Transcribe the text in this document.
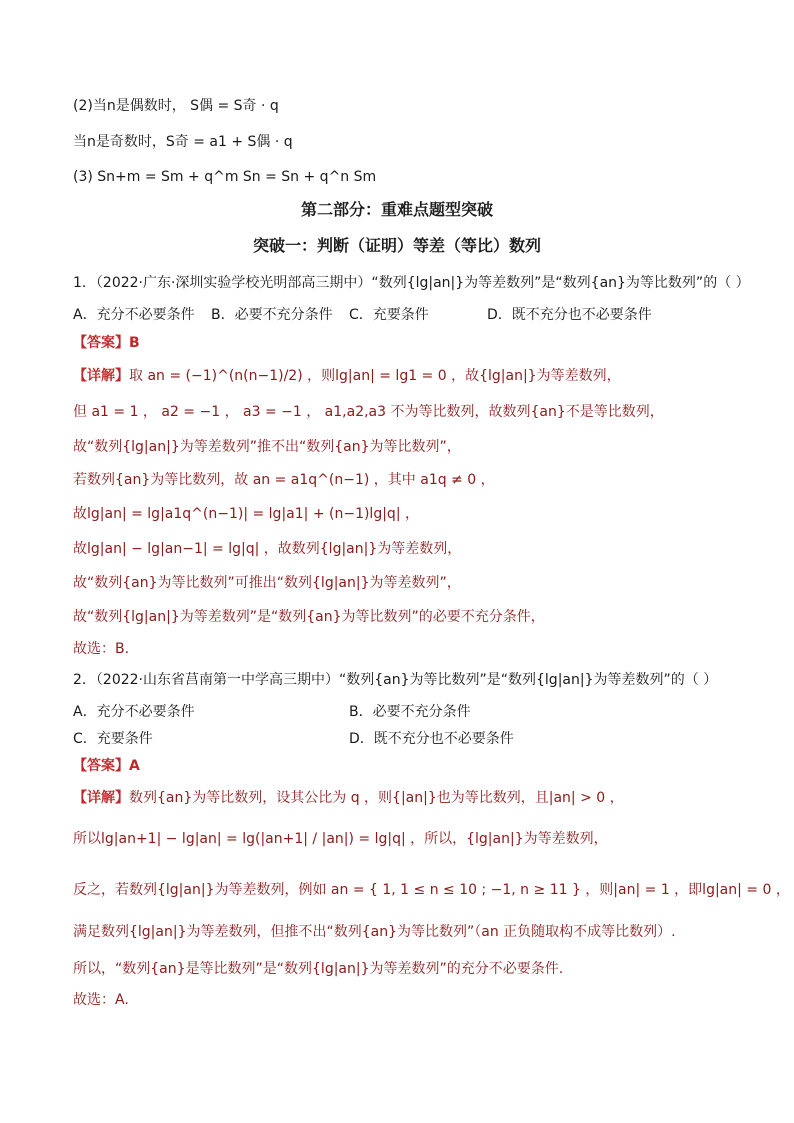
(2)当n是偶数时， S偶 = S奇 · q
当n是奇数时，S奇 = a1 + S偶 · q
(3) Sn+m = Sm + q^m Sn = Sn + q^n Sm
第二部分：重难点题型突破
突破一：判断（证明）等差（等比）数列
1．（2022·广东·深圳实验学校光明部高三期中）“数列{lg|an|}为等差数列”是“数列{an}为等比数列”的（ ）
A．充分不必要条件 B．必要不充分条件 C．充要条件	D．既不充分也不必要条件
【答案】B
【详解】取 an = (−1)^(n(n−1)/2) ，则lg|an| = lg1 = 0 ，故{lg|an|}为等差数列，
但 a1 = 1 ， a2 = −1 ， a3 = −1 ， a1,a2,a3 不为等比数列，故数列{an}不是等比数列，
故“数列{lg|an|}为等差数列”推不出“数列{an}为等比数列”，
若数列{an}为等比数列，故 an = a1q^(n−1) ，其中 a1q ≠ 0 ，
故lg|an| = lg|a1q^(n−1)| = lg|a1| + (n−1)lg|q| ，
故lg|an| − lg|an−1| = lg|q| ，故数列{lg|an|}为等差数列，
故“数列{an}为等比数列”可推出“数列{lg|an|}为等差数列”，
故“数列{lg|an|}为等差数列”是“数列{an}为等比数列”的必要不充分条件，
故选：B.
2．（2022·山东省莒南第一中学高三期中）“数列{an}为等比数列”是“数列{lg|an|}为等差数列”的（ ）
A．充分不必要条件	B．必要不充分条件
C．充要条件	D．既不充分也不必要条件
【答案】A
【详解】数列{an}为等比数列，设其公比为 q ，则{|an|}也为等比数列，且|an| > 0 ，
所以lg|an+1| − lg|an| = lg(|an+1| / |an|) = lg|q| ，所以，{lg|an|}为等差数列，
反之，若数列{lg|an|}为等差数列，例如 an = { 1, 1 ≤ n ≤ 10 ; −1, n ≥ 11 } ，则|an| = 1 ，即lg|an| = 0 ，
满足数列{lg|an|}为等差数列，但推不出“数列{an}为等比数列”（an 正负随取构不成等比数列）.
所以，“数列{an}是等比数列”是“数列{lg|an|}为等差数列”的充分不必要条件.
故选：A.
